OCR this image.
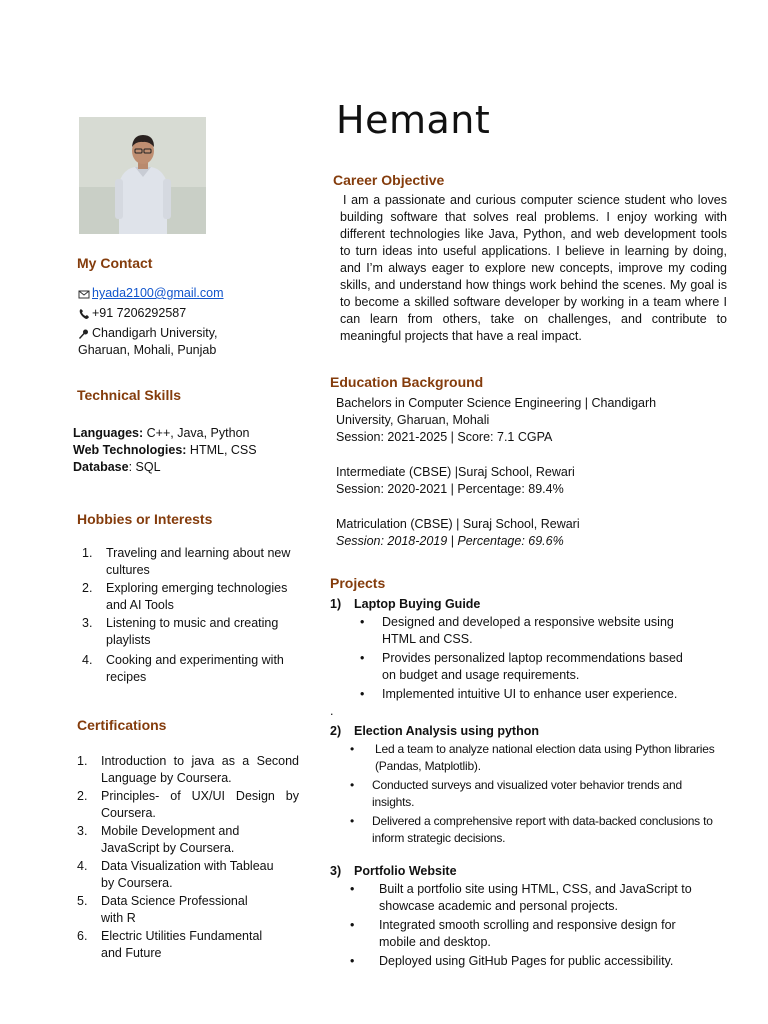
Hemant
My Contact
hyada2100@gmail.com
+91 7206292587
Chandigarh University,
Gharuan, Mohali, Punjab
Technical Skills
Languages: C++, Java, Python
Web Technologies: HTML, CSS
Database: SQL
Hobbies or Interests
1.	Traveling and learning about new cultures
2.	Exploring emerging technologies and AI Tools
3.	Listening to music and creating playlists
4.	Cooking and experimenting with recipes
Certifications
1.	Introduction to java as a Second Language by Coursera.
2.	Principles- of UX/UI Design by Coursera.
3.	Mobile Development and JavaScript by Coursera.
4.	Data Visualization with Tableau by Coursera.
5.	Data Science Professional with R
6.	Electric Utilities Fundamental and Future
Career Objective
I am a passionate and curious computer science student who loves building software that solves real problems. I enjoy working with different technologies like Java, Python, and web development tools to turn ideas into useful applications. I believe in learning by doing, and I’m always eager to explore new concepts, improve my coding skills, and understand how things work behind the scenes. My goal is to become a skilled software developer by working in a team where I can learn from others, take on challenges, and contribute to meaningful projects that have a real impact.
Education Background

Bachelors in Computer Science Engineering | Chandigarh University, Gharuan, Mohali

Session: 2021-2025 | Score: 7.1 CGPA

Intermediate (CBSE) |Suraj School, Rewari

Session: 2020-2021 | Percentage: 89.4%

Matriculation (CBSE) | Suraj School, Rewari

Session: 2018-2019 | Percentage: 69.6%

Projects
1)	Laptop Buying Guide
•	Designed and developed a responsive website using HTML and CSS.
•	Provides personalized laptop recommendations based on budget and usage requirements.
•	Implemented intuitive UI to enhance user experience.
.
2)	Election Analysis using python
•	Led a team to analyze national election data using Python libraries (Pandas, Matplotlib).
•	Conducted surveys and visualized voter behavior trends and insights.
•	Delivered a comprehensive report with data-backed conclusions to inform strategic decisions.
3)	Portfolio Website
•	Built a portfolio site using HTML, CSS, and JavaScript to showcase academic and personal projects.
•	Integrated smooth scrolling and responsive design for mobile and desktop.
•	Deployed using GitHub Pages for public accessibility.
